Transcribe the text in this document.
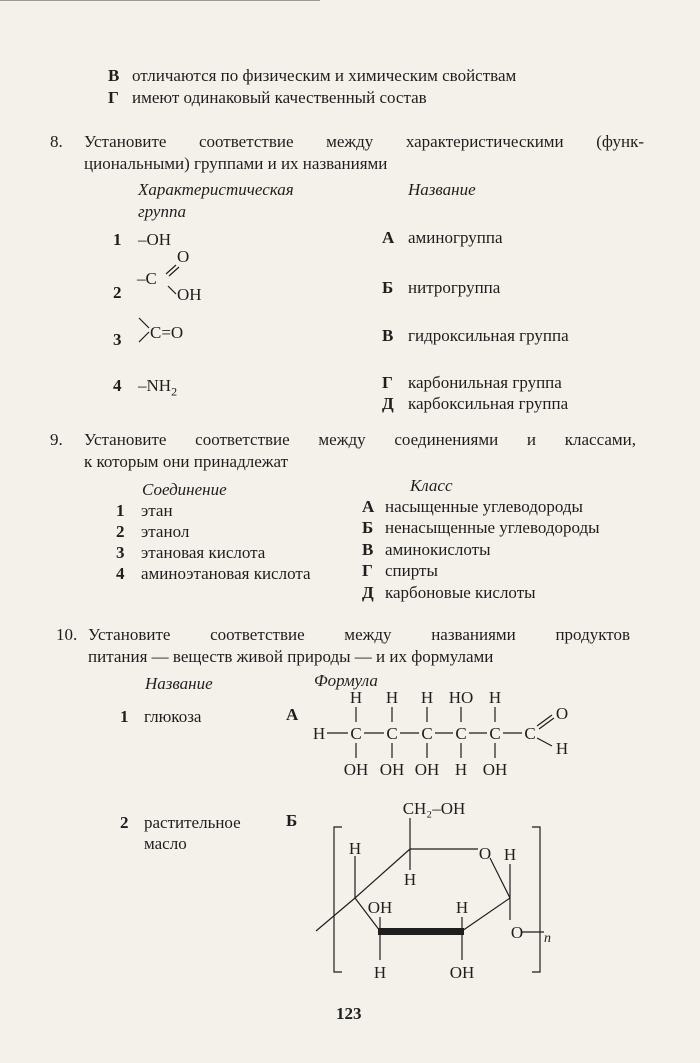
В отличаются по физическим и химическим свойствам
Г имеют одинаковый качественный состав
8. Установите соответствие между характеристическими (функ-
циональными) группами и их названиями
Характеристическая
группа
Название
1 –OH
2
O
–C
OH
3 C=O
4 $-NH_2$
А аминогруппа
Б нитрогруппа
В гидроксильная группа
Г карбонильная группа
Д карбоксильная группа
9. Установите соответствие между соединениями и классами,
к которым они принадлежат
Соединение	Класс
1 этан
2 этанол
3 этановая кислота
4 аминоэтановая кислота
А насыщенные углеводороды
Б ненасыщенные углеводороды
В аминокислоты
Г спирты
Д карбоновые кислоты
10. Установите соответствие между названиями продуктов
питания — веществ живой природы — и их формулами
Название	Формула
1 глюкоза	А
H H H HO H
H C C C C C C
O
H
OH OH OH H OH
2 растительное
масло
Б
CH₂–OH
H
H
O H
OH	H
O
H	OH
n
123
